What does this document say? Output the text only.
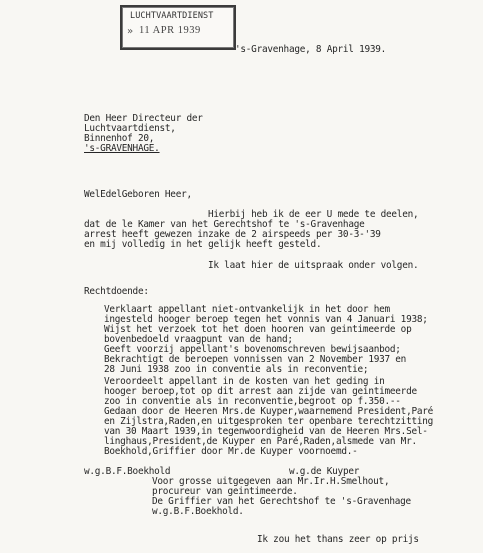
LUCHTVAARTDIENST
» 11 APR 1939
's-Gravenhage, 8 April 1939.
Den Heer Directeur der
Luchtvaartdienst,
Binnenhof 20,
's-GRAVENHAGE.
WelEdelGeboren Heer,
Hierbij heb ik de eer U mede te deelen,
dat de le Kamer van het Gerechtshof te 's-Gravenhage
arrest heeft gewezen inzake de 2 airspeeds per 30-3-'39
en mij volledig in het gelijk heeft gesteld.
Ik laat hier de uitspraak onder volgen.
Rechtdoende:
Verklaart appellant niet-ontvankelijk in het door hem
ingesteld hooger beroep tegen het vonnis van 4 Januari 1938;
Wijst het verzoek tot het doen hooren van geintimeerde op
bovenbedoeld vraagpunt van de hand;
Geeft voorzij appellant's bovenomschreven bewijsaanbod;
Bekrachtigt de beroepen vonnissen van 2 November 1937 en
28 Juni 1938 zoo in conventie als in reconventie;
Veroordeelt appellant in de kosten van het geding in
hooger beroep,tot op dit arrest aan zijde van geintimeerde
zoo in conventie als in reconventie,begroot op f.350.--
Gedaan door de Heeren Mrs.de Kuyper,waarnemend President,Paré
en Zijlstra,Raden,en uitgesproken ter openbare terechtzitting
van 30 Maart 1939,in tegenwoordigheid van de Heeren Mrs.Sel-
linghaus,President,de Kuyper en Paré,Raden,alsmede van Mr.
Boekhold,Griffier door Mr.de Kuyper voornoemd.-
w.g.B.F.Boekhold	w.g.de Kuyper
Voor grosse uitgegeven aan Mr.Ir.H.Smelhout,
procureur van geintimeerde.
De Griffier van het Gerechtshof te 's-Gravenhage
w.g.B.F.Boekhold.
Ik zou het thans zeer op prijs
